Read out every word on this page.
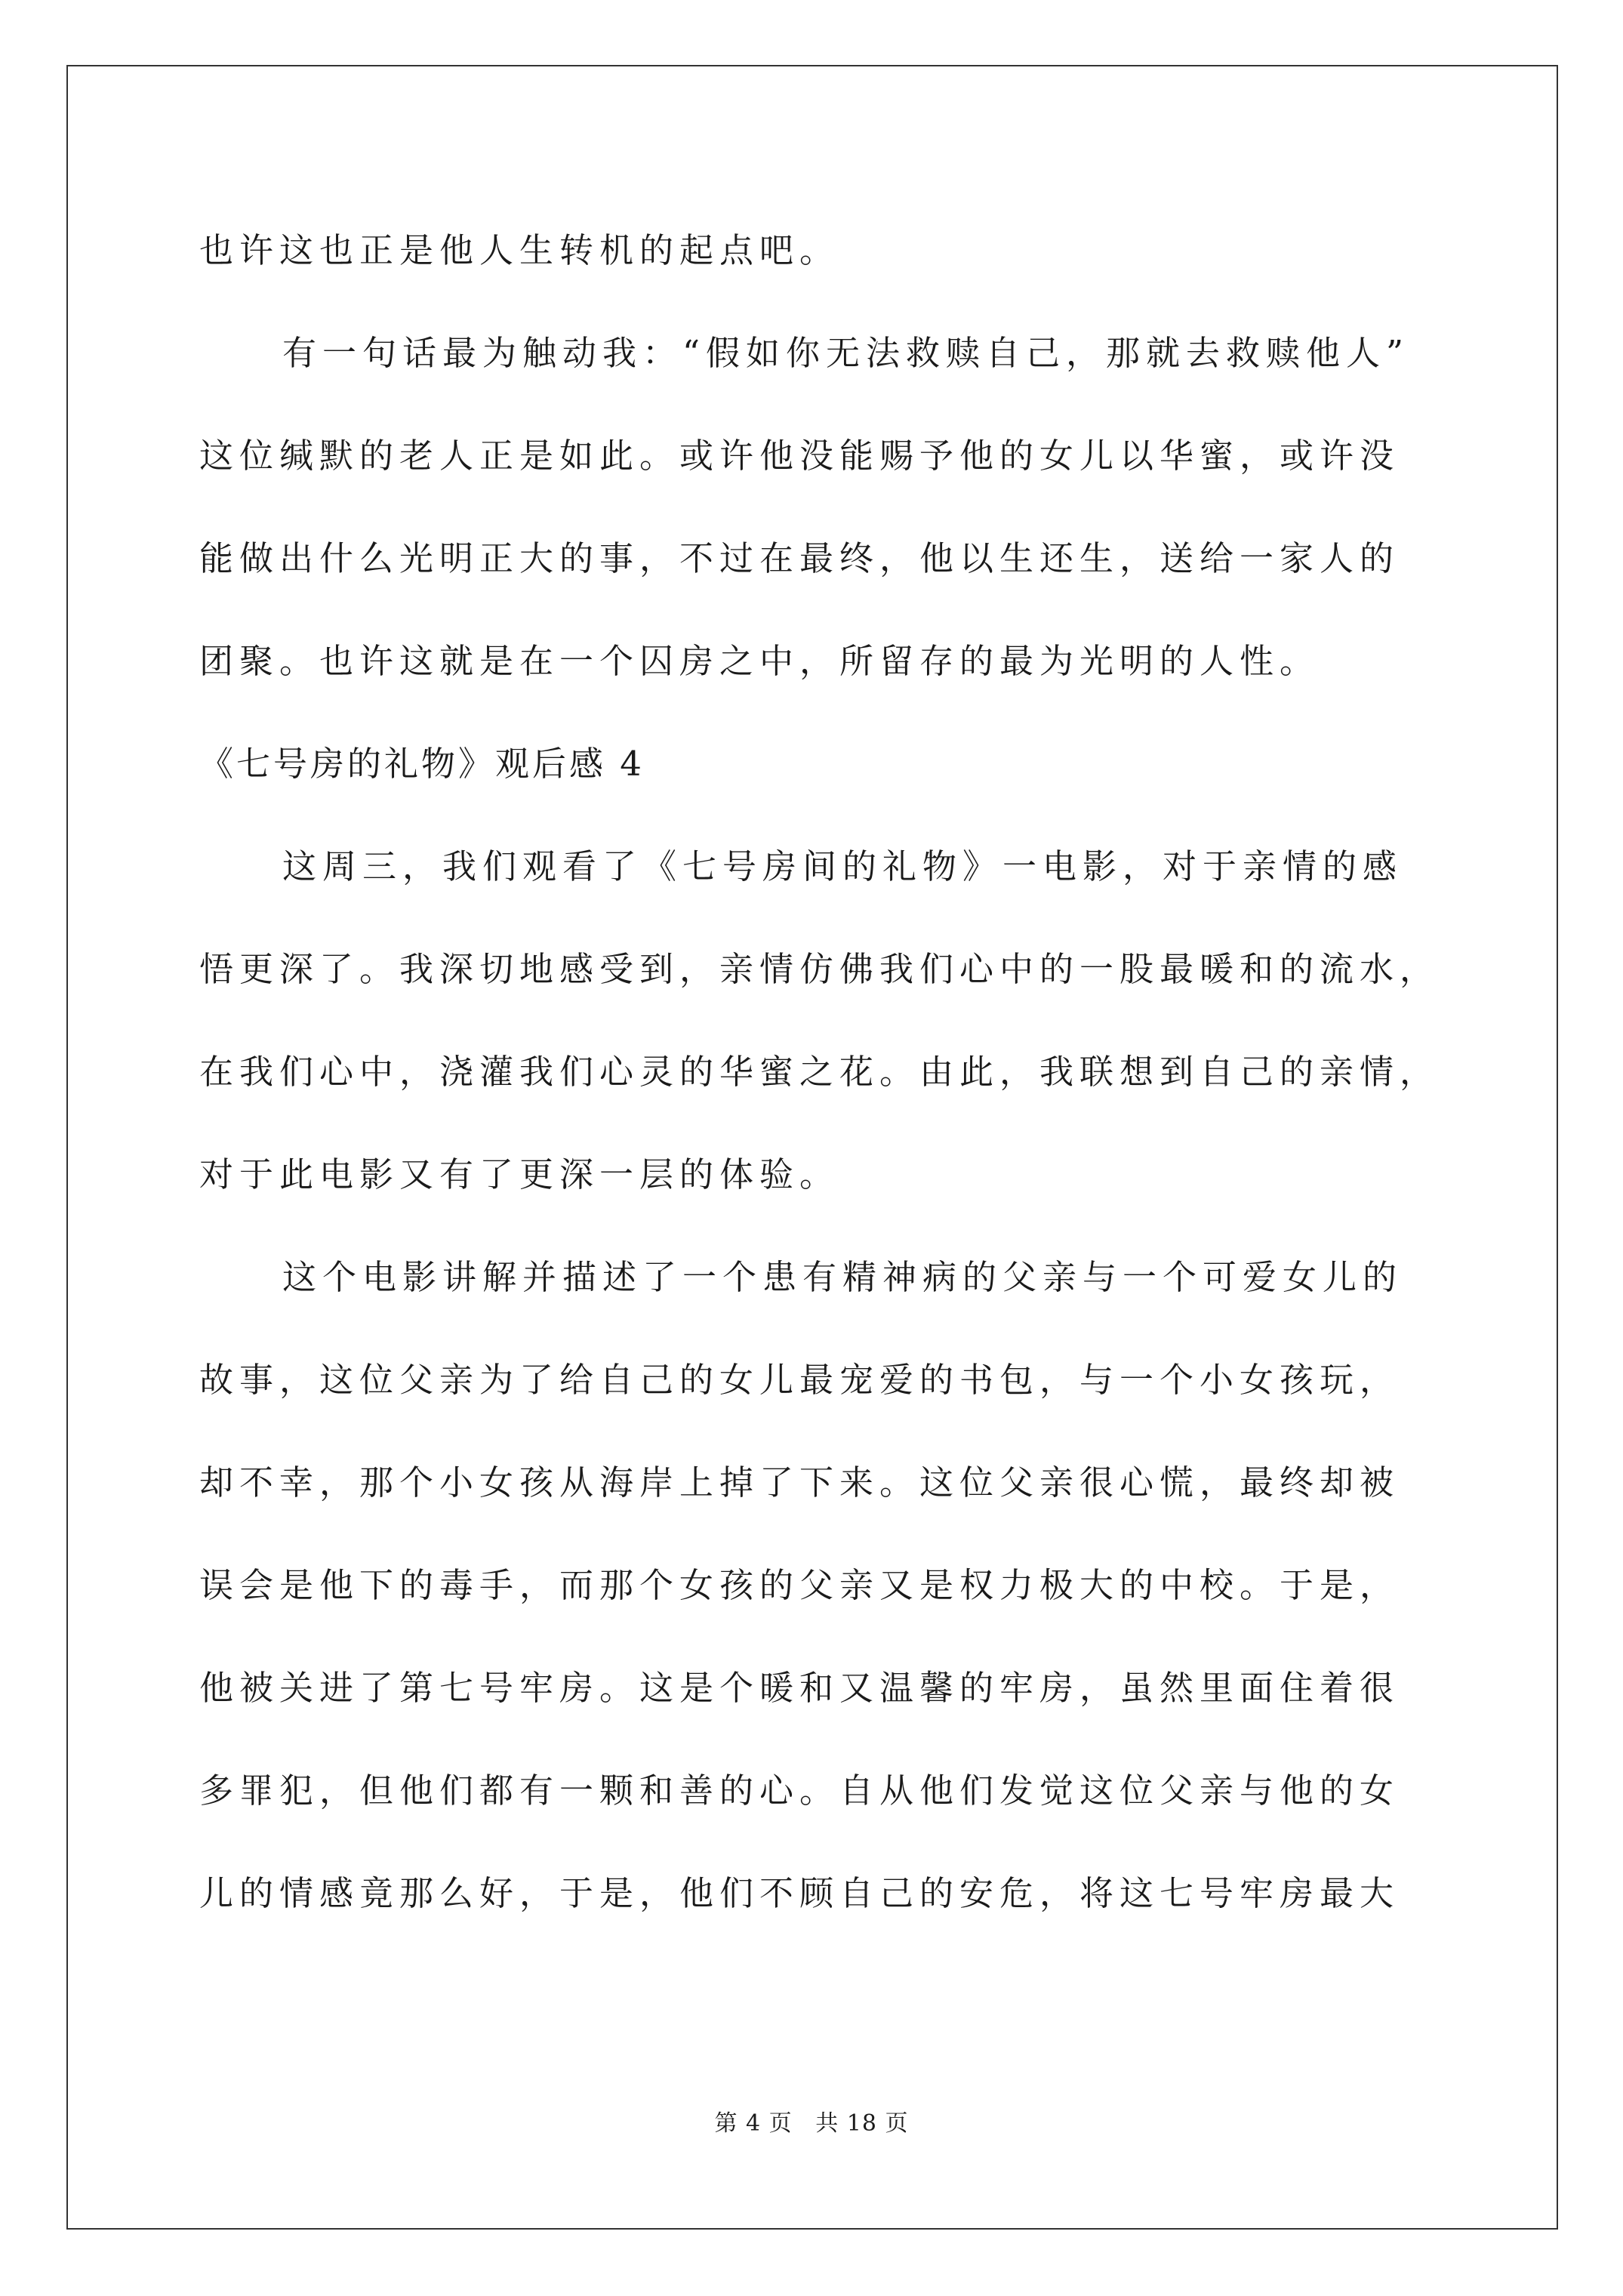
也许这也正是他人生转机的起点吧。
有一句话最为触动我：“假如你无法救赎自己，那就去救赎他人”
这位缄默的老人正是如此。或许他没能赐予他的女儿以华蜜，或许没
能做出什么光明正大的事，不过在最终，他以生还生，送给一家人的
团聚。也许这就是在一个囚房之中，所留存的最为光明的人性。
《七号房的礼物》观后感 4
这周三，我们观看了《七号房间的礼物》一电影，对于亲情的感
悟更深了。我深切地感受到，亲情仿佛我们心中的一股最暖和的流水，
在我们心中，浇灌我们心灵的华蜜之花。由此，我联想到自己的亲情，
对于此电影又有了更深一层的体验。
这个电影讲解并描述了一个患有精神病的父亲与一个可爱女儿的
故事，这位父亲为了给自己的女儿最宠爱的书包，与一个小女孩玩，
却不幸，那个小女孩从海岸上掉了下来。这位父亲很心慌，最终却被
误会是他下的毒手，而那个女孩的父亲又是权力极大的中校。于是，
他被关进了第七号牢房。这是个暖和又温馨的牢房，虽然里面住着很
多罪犯，但他们都有一颗和善的心。自从他们发觉这位父亲与他的女
儿的情感竟那么好，于是，他们不顾自己的安危，将这七号牢房最大
第 4 页 共 18 页
